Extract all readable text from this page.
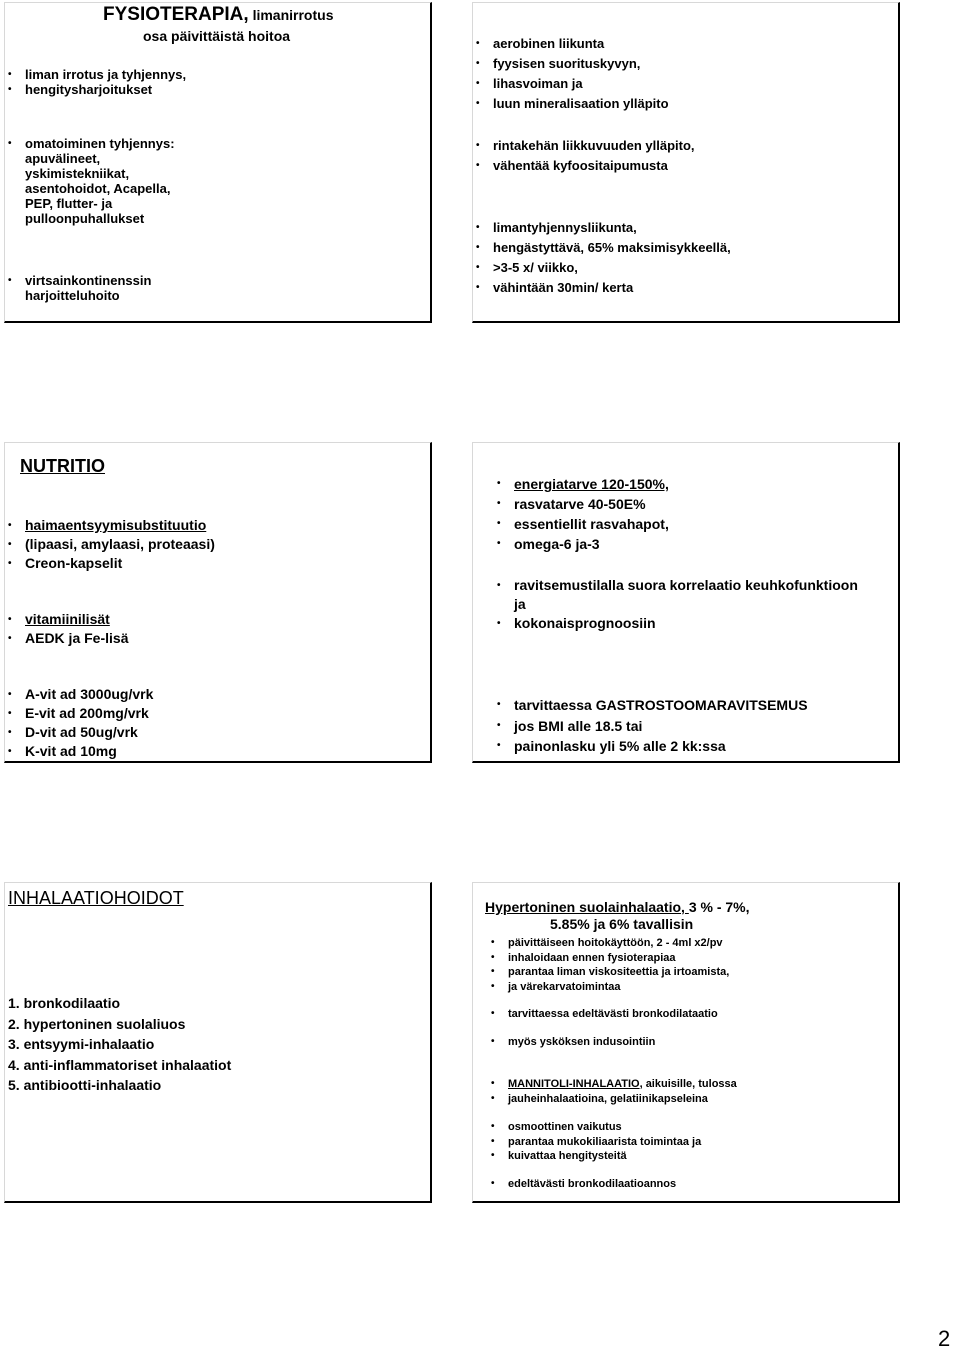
FYSIOTERAPIA, limanirrotus
osa päivittäistä hoitoa
• liman irrotus ja tyhjennys,
• hengitysharjoitukset
• omatoiminen tyhjennys:
apuvälineet,
yskimistekniikat,
asentohoidot, Acapella,
PEP, flutter- ja
pulloonpuhallukset
• virtsainkontinenssin
harjoitteluhoito
• aerobinen liikunta
• fyysisen suorituskyvyn,
• lihasvoiman ja
• luun mineralisaation ylläpito
• rintakehän liikkuvuuden ylläpito,
• vähentää kyfoositaipumusta
• limantyhjennysliikunta,
• hengästyttävä, 65% maksimisykkeellä,
• >3-5 x/ viikko,
• vähintään 30min/ kerta
NUTRITIO
• haimaentsyymisubstituutio
• (lipaasi, amylaasi, proteaasi)
• Creon-kapselit
• vitamiinilisät
• AEDK ja Fe-lisä
• A-vit ad 3000ug/vrk
• E-vit ad 200mg/vrk
• D-vit ad 50ug/vrk
• K-vit ad 10mg
• energiatarve 120-150%,
• rasvatarve 40-50E%
• essentiellit rasvahapot,
• omega-6 ja-3
• ravitsemustilalla suora korrelaatio keuhkofunktioon
ja
• kokonaisprognoosiin
• tarvittaessa GASTROSTOOMARAVITSEMUS
• jos BMI alle 18.5 tai
• painonlasku yli 5% alle 2 kk:ssa
INHALAATIOHOIDOT
1. bronkodilaatio
2. hypertoninen suolaliuos
3. entsyymi-inhalaatio
4. anti-inflammatoriset inhalaatiot
5. antibiootti-inhalaatio
Hypertoninen suolainhalaatio, 3 % - 7%,
5.85% ja 6% tavallisin
• päivittäiseen hoitokäyttöön, 2 - 4ml x2/pv
• inhaloidaan ennen fysioterapiaa
• parantaa liman viskositeettia ja irtoamista,
• ja värekarvatoimintaa
• tarvittaessa edeltävästi bronkodilataatio
• myös ysköksen indusointiin
• MANNITOLI-INHALAATIO, aikuisille, tulossa
• jauheinhalaatioina, gelatiinikapseleina
• osmoottinen vaikutus
• parantaa mukokiliaarista toimintaa ja
• kuivattaa hengitysteitä
• edeltävästi bronkodilaatioannos
2
